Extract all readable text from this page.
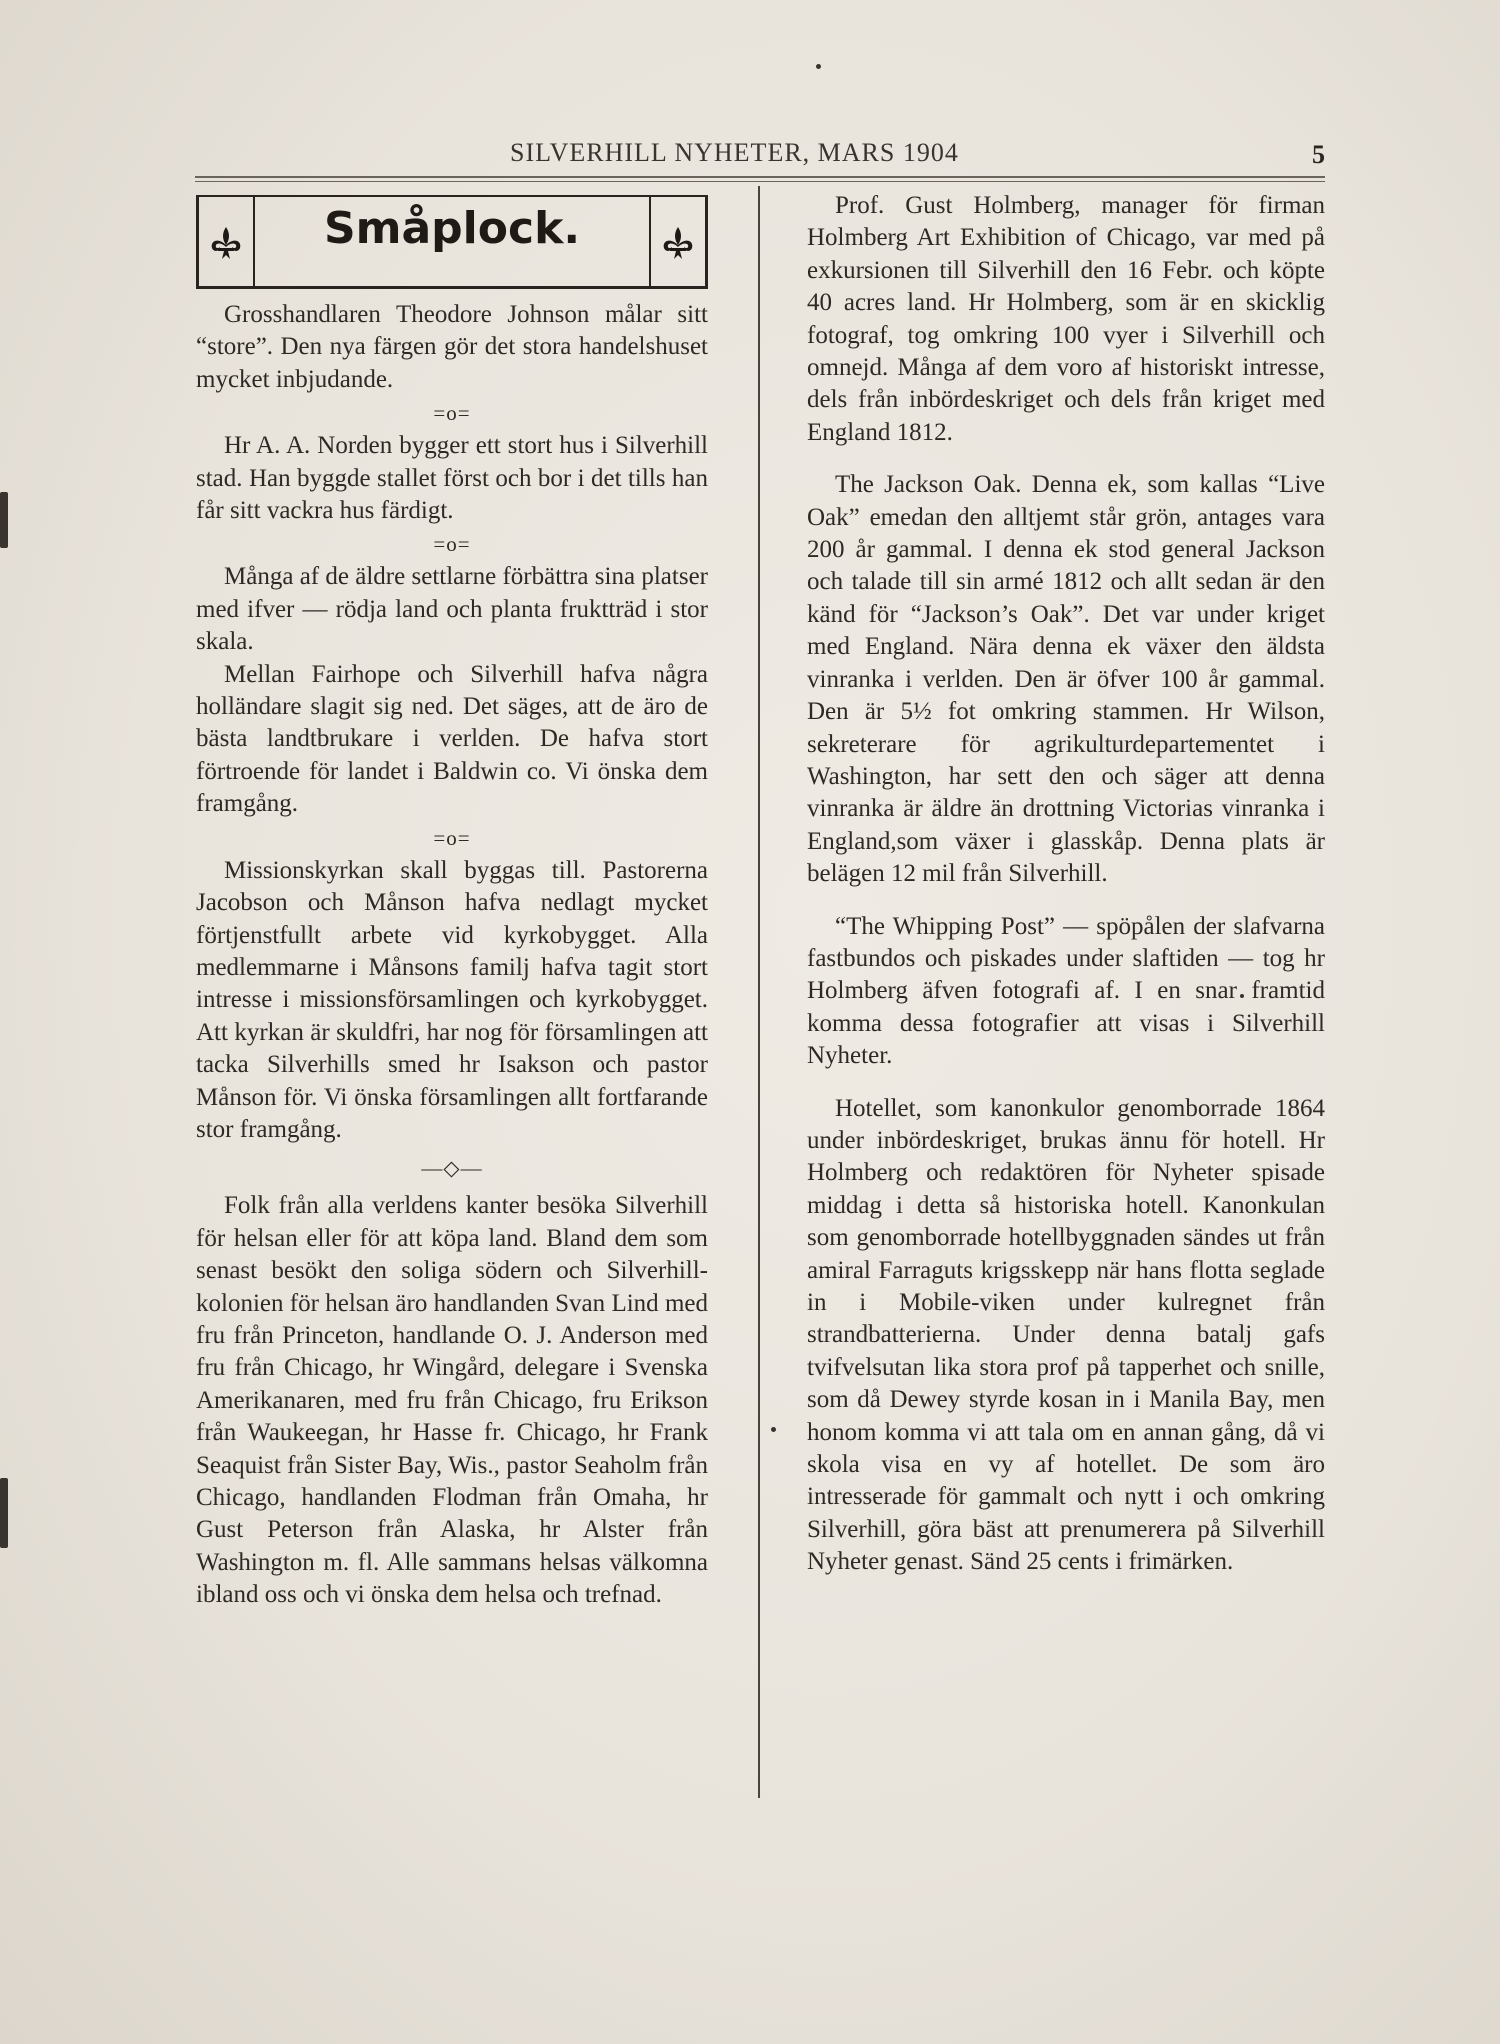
SILVERHILL NYHETER, MARS 1904	5
Småplock.

Grosshandlaren Theodore Johnson målar sitt “store”. Den nya färgen gör det stora handelshuset mycket inbjudande.

=o=

Hr A. A. Norden bygger ett stort hus i Silverhill stad. Han byggde stallet först och bor i det tills han får sitt vackra hus färdigt.

=o=

Många af de äldre settlarne förbättra sina platser med ifver — rödja land och planta fruktträd i stor skala.

Mellan Fairhope och Silverhill hafva några holländare slagit sig ned. Det säges, att de äro de bästa landtbrukare i verlden. De hafva stort förtroende för landet i Baldwin co. Vi önska dem framgång.

=o=

Missionskyrkan skall byggas till. Pastorerna Jacobson och Månson hafva nedlagt mycket förtjenstfullt arbete vid kyrkobygget. Alla medlemmarne i Månsons familj hafva tagit stort intresse i missionsförsamlingen och kyrkobygget. Att kyrkan är skuldfri, har nog för församlingen att tacka Silverhills smed hr Isakson och pastor Månson för. Vi önska församlingen allt fortfarande stor framgång.

—◇—

Folk från alla verldens kanter besöka Silverhill för helsan eller för att köpa land. Bland dem som senast besökt den soliga södern och Silverhill-kolonien för helsan äro handlanden Svan Lind med fru från Princeton, handlande O. J. Anderson med fru från Chicago, hr Wingård, delegare i Svenska Amerikanaren, med fru från Chicago, fru Erikson från Waukeegan, hr Hasse fr. Chicago, hr Frank Seaquist från Sister Bay, Wis., pastor Seaholm från Chicago, handlanden Flodman från Omaha, hr Gust Peterson från Alaska, hr Alster från Washington m. fl. Alle sammans helsas välkomna ibland oss och vi önska dem helsa och trefnad.

Prof. Gust Holmberg, manager för firman Holmberg Art Exhibition of Chicago, var med på exkursionen till Silverhill den 16 Febr. och köpte 40 acres land. Hr Holmberg, som är en skicklig fotograf, tog omkring 100 vyer i Silverhill och omnejd. Många af dem voro af historiskt intresse, dels från inbördeskriget och dels från kriget med England 1812.

The Jackson Oak. Denna ek, som kallas “Live Oak” emedan den alltjemt står grön, antages vara 200 år gammal. I denna ek stod general Jackson och talade till sin armé 1812 och allt sedan är den känd för “Jackson’s Oak”. Det var under kriget med England. Nära denna ek växer den äldsta vinranka i verlden. Den är öfver 100 år gammal. Den är 5½ fot omkring stammen. Hr Wilson, sekreterare för agrikulturdepartementet i Washington, har sett den och säger att denna vinranka är äldre än drottning Victorias vinranka i England,som växer i glasskåp. Denna plats är belägen 12 mil från Silverhill.

“The Whipping Post” — spöpålen der slafvarna fastbundos och piskades under slaftiden — tog hr Holmberg äfven fotografi af. I en snar framtid komma dessa fotografier att visas i Silverhill Nyheter.

Hotellet, som kanonkulor genomborrade 1864 under inbördeskriget, brukas ännu för hotell. Hr Holmberg och redaktören för Nyheter spisade middag i detta så historiska hotell. Kanonkulan som genomborrade hotellbyggnaden sändes ut från amiral Farraguts krigsskepp när hans flotta seglade in i Mobile-viken under kulregnet från strandbatterierna. Under denna batalj gafs tvifvelsutan lika stora prof på tapperhet och snille, som då Dewey styrde kosan in i Manila Bay, men honom komma vi att tala om en annan gång, då vi skola visa en vy af hotellet. De som äro intresserade för gammalt och nytt i och omkring Silverhill, göra bäst att prenumerera på Silverhill Nyheter genast. Sänd 25 cents i frimärken.
